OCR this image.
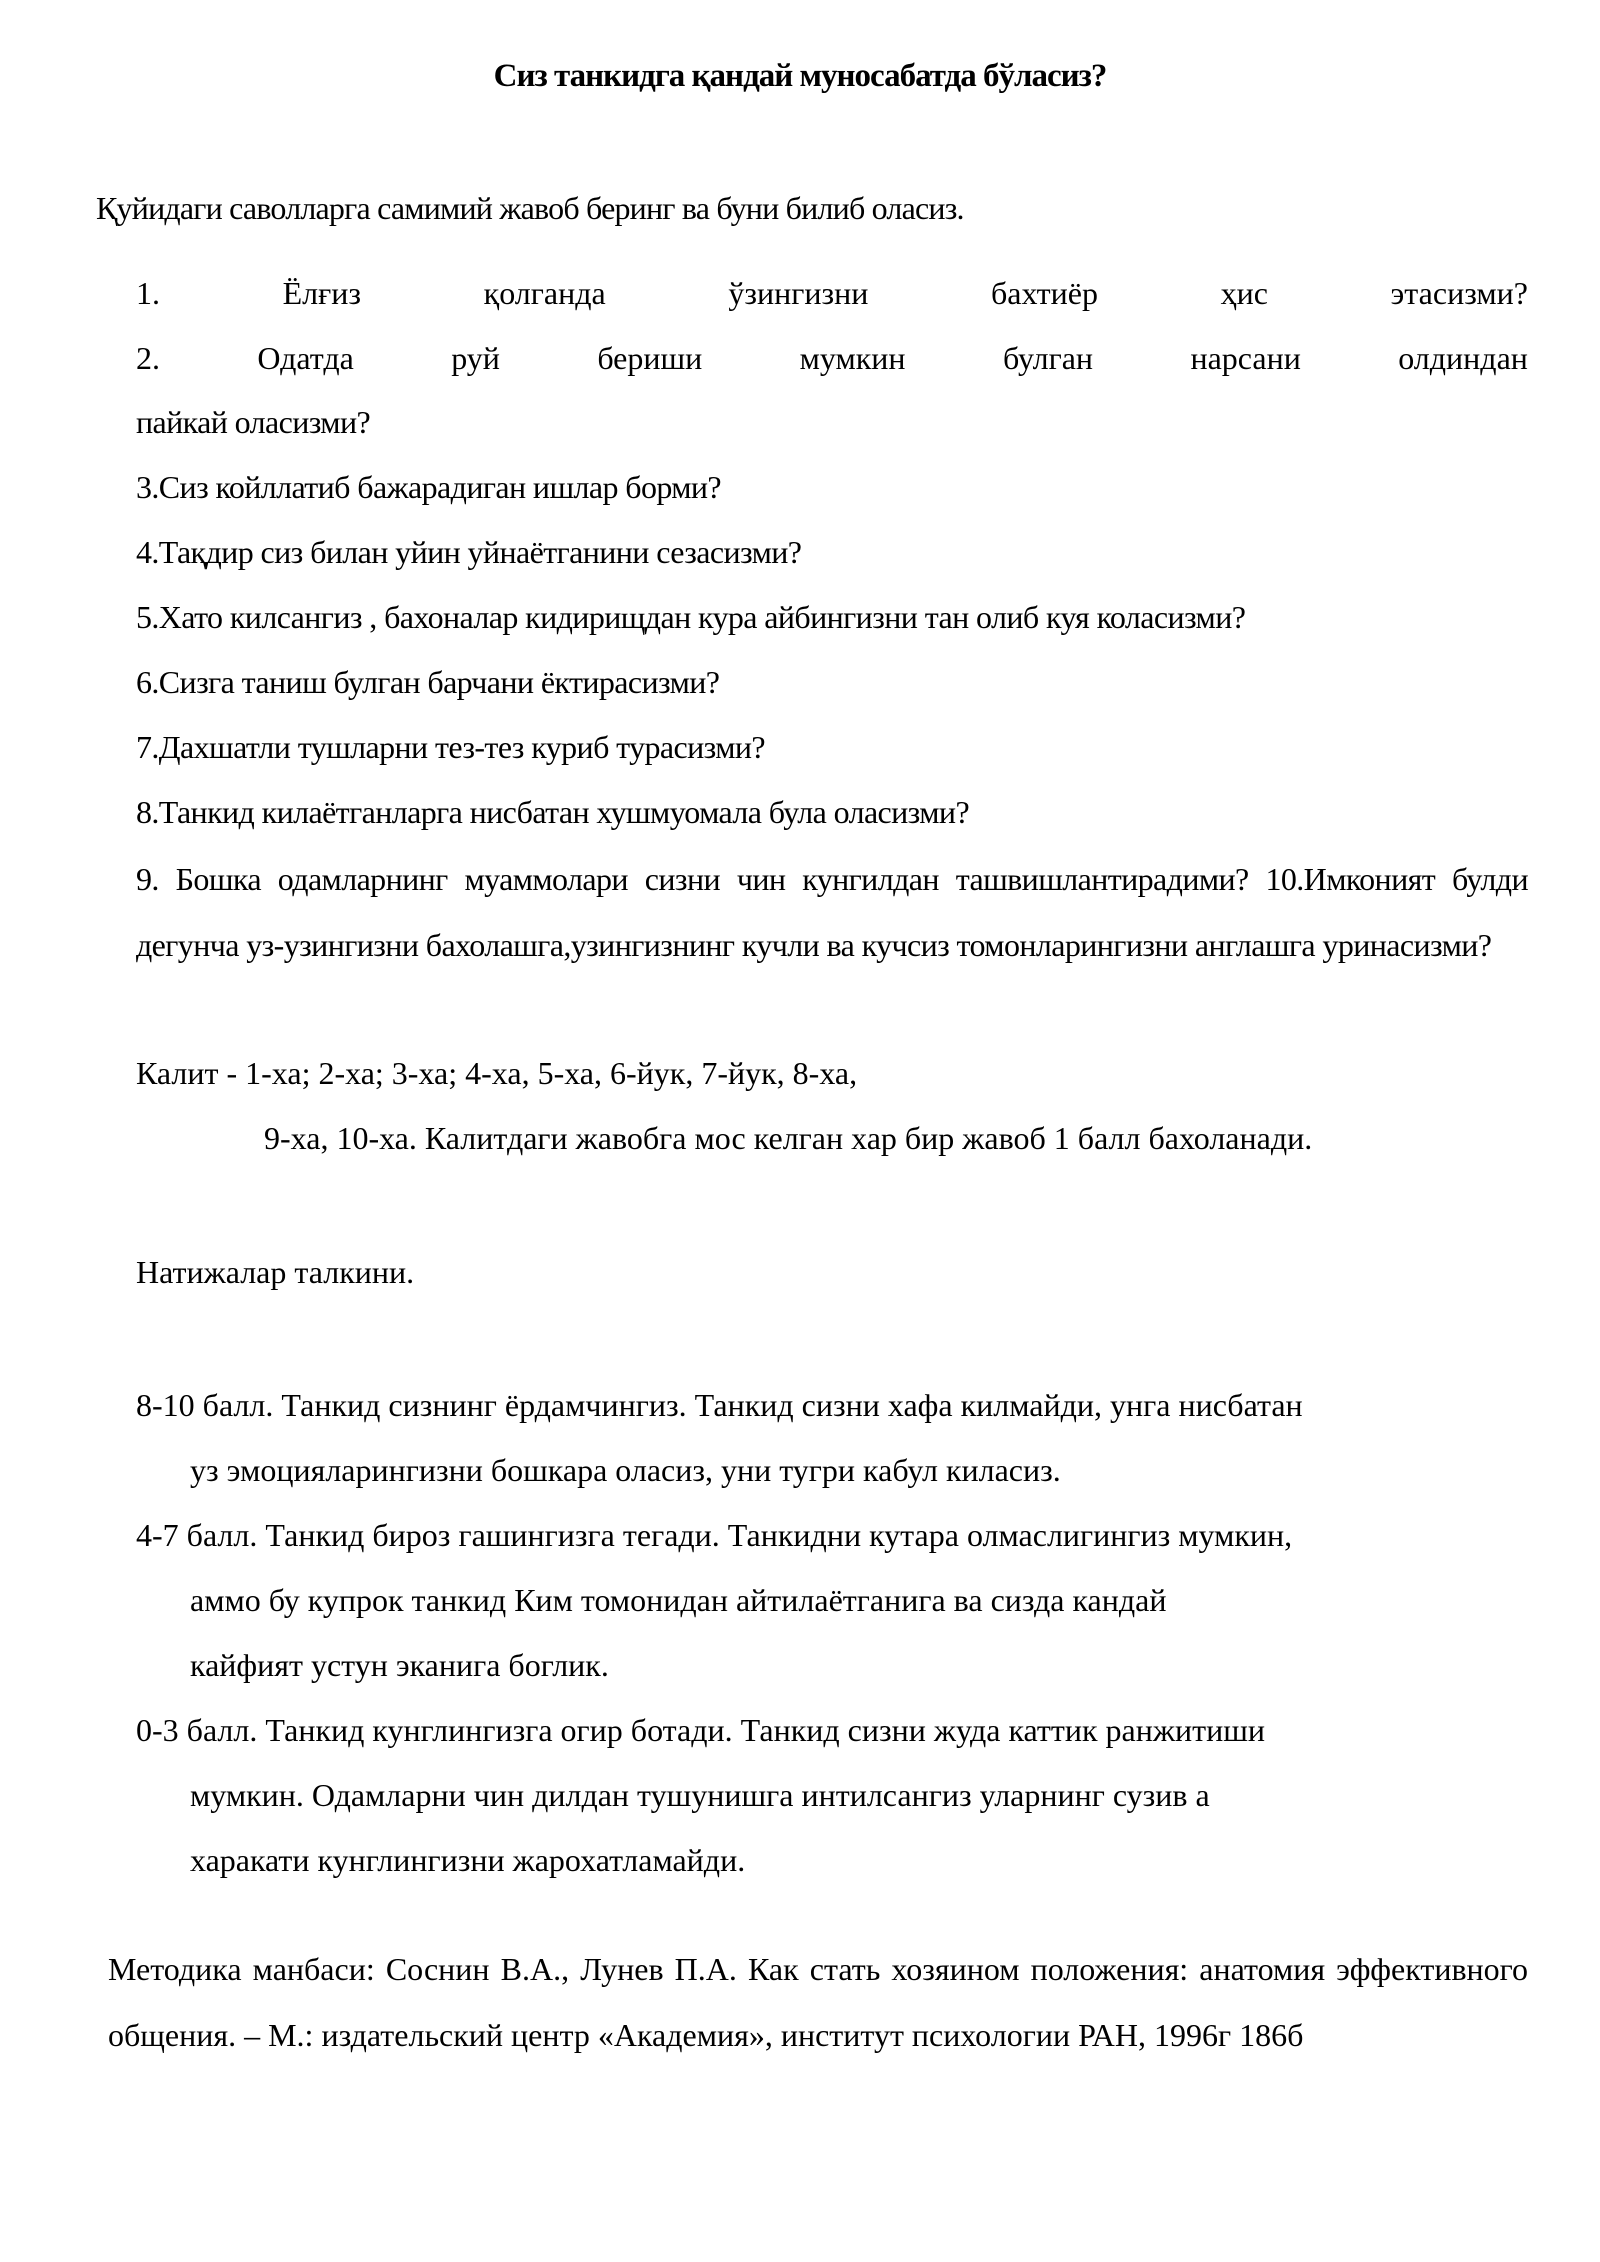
Сиз танкидга қандай муносабатда бўласиз?
Қуйидаги саволларга самимий жавоб беринг ва буни билиб оласиз.
1.	Ёлғиз	қолганда	ўзингизни	бахтиёр	ҳис	этасизми?
2.	Одатда	руй	бериши	мумкин	булган	нарсани	олдиндан
пайкай оласизми?
3.Сиз койллатиб бажарадиган ишлар борми?
4.Тақдир сиз билан уйин уйнаётганини сезасизми?
5.Хато килсангиз , бахоналар кидирищдан кура айбингизни тан олиб куя коласизми?
6.Сизга таниш булган барчани ёктирасизми?
7.Дахшатли тушларни тез-тез куриб турасизми?
8.Танкид килаётганларга нисбатан хушмуомала була оласизми?
9. Бошка одамларнинг муаммолари сизни чин кунгилдан ташвишлантирадими? 10.Имконият булди дегунча уз-узингизни бахолашга,узингизнинг кучли ва кучсиз томонларингизни англашга уринасизми?
Калит - 1-ха; 2-ха; 3-ха; 4-ха, 5-ха, 6-йук, 7-йук, 8-ха,
9-ха, 10-ха. Калитдаги жавобга мос келган хар бир жавоб 1 балл бахоланади.
Натижалар талкини.
8-10 балл. Танкид сизнинг ёрдамчингиз. Танкид сизни хафа килмайди, унга нисбатан
уз эмоцияларингизни бошкара оласиз, уни тугри кабул киласиз.
4-7 балл. Танкид бироз гашингизга тегади. Танкидни кутара олмаслигингиз мумкин,
аммо бу купрок танкид Ким томонидан айтилаётганига ва сизда кандай
кайфият устун эканига боглик.
0-3 балл. Танкид кунглингизга огир ботади. Танкид сизни жуда каттик ранжитиши
мумкин. Одамларни чин дилдан тушунишга интилсангиз уларнинг сузив а
харакати кунглингизни жарохатламайди.
Методика манбаси: Соснин В.А., Лунев П.А. Как стать хозяином положения: анатомия эффективного общения. – М.: издательский центр «Академия», институт психологии РАН, 1996г 186б
